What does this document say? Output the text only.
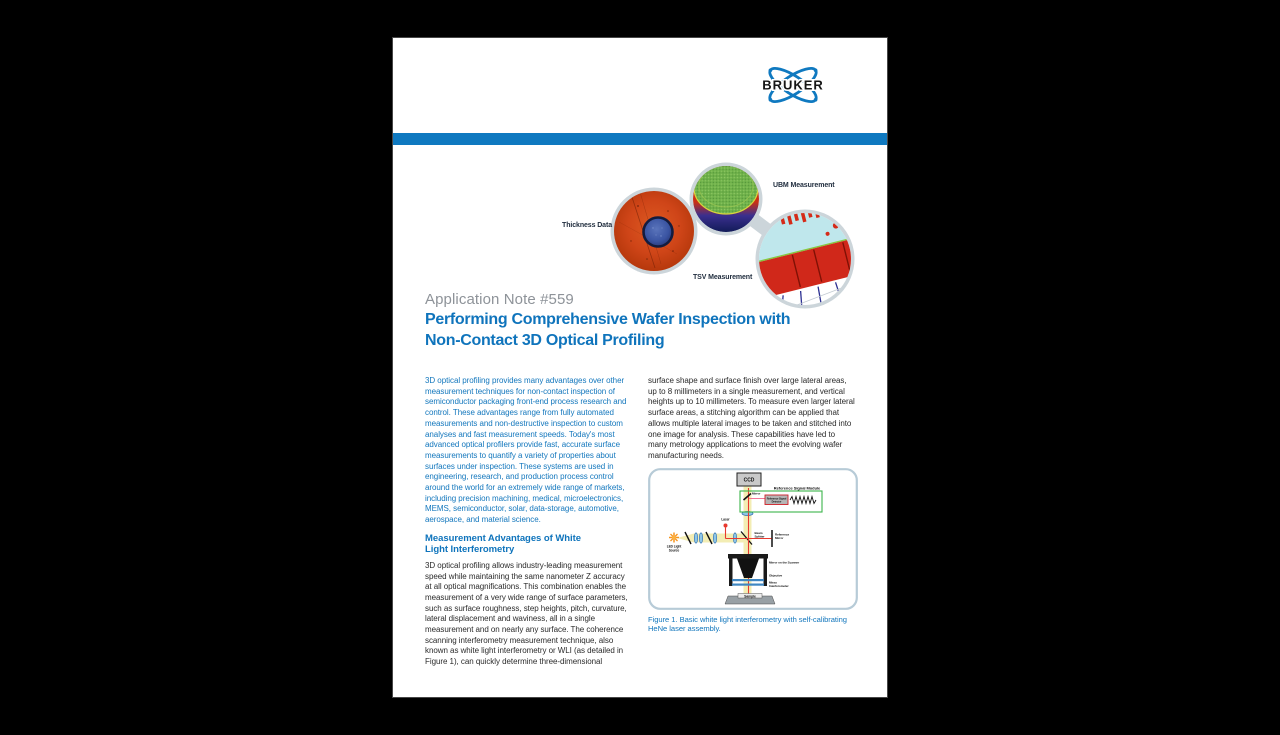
BRUKER
Thickness Data
UBM Measurement
TSV Measurement
Application Note #559
Performing Comprehensive Wafer Inspection with
Non-Contact 3D Optical Profiling

3D optical profiling provides many advantages over other measurement techniques for non-contact inspection of semiconductor packaging front-end process research and control. These advantages range from fully automated measurements and non-destructive inspection to custom analyses and fast measurement speeds. Today's most advanced optical profilers provide fast, accurate surface measurements to quantify a variety of properties about surfaces under inspection. These systems are used in engineering, research, and production process control around the world for an extremely wide range of markets, including precision machining, medical, microelectronics, MEMS, semiconductor, solar, data-storage, automotive, aerospace, and material science.

Measurement Advantages of White
Light Interferometry

3D optical profiling allows industry-leading measurement speed while maintaining the same nanometer Z accuracy at all optical magnifications. This combination enables the measurement of a very wide range of surface parameters, such as surface roughness, step heights, pitch, curvature, lateral displacement and waviness, all in a single measurement and on nearly any surface. The coherence scanning interferometry measurement technique, also known as white light interferometry or WLI (as detailed in Figure 1), can quickly determine three-dimensional

surface shape and surface finish over large lateral areas, up to 8 millimeters in a single measurement, and vertical heights up to 10 millimeters. To measure even larger lateral surface areas, a stitching algorithm can be applied that allows multiple lateral images to be taken and stitched into one image for analysis. These capabilities have led to many metrology applications to meet the evolving wafer manufacturing needs.

CCD
Reference Signal Module
Mirror
Reference Signal
Detector
Laser
LED Light
Source
Beam
Splitter	Reference
Mirror
Mirror on the Scanner
Objective
Mirau
Interferometer
Sample
Figure 1. Basic white light interferometry with self-calibrating HeNe laser assembly.
